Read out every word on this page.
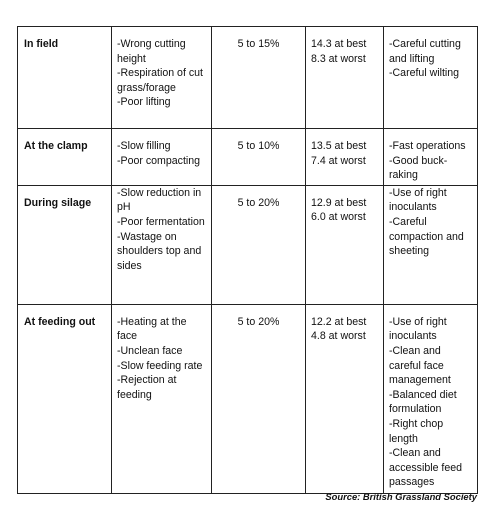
In field	-Wrong cutting height
-Respiration of cut grass/forage
-Poor lifting	5 to 15%	14.3 at best
8.3 at worst	-Careful cutting and lifting
-Careful wilting

At the clamp	-Slow filling
-Poor compacting	5 to 10%	13.5 at best
7.4 at worst	-Fast operations
-Good buck-raking

During silage	-Slow reduction in pH
-Poor fermentation
-Wastage on shoulders top and sides	5 to 20%	12.9 at best
6.0 at worst	-Use of right inoculants
-Careful compaction and sheeting

At feeding out	-Heating at the face
-Unclean face
-Slow feeding rate
-Rejection at feeding	5 to 20%	12.2 at best
4.8 at worst	-Use of right inoculants
-Clean and careful face management
-Balanced diet formulation
-Right chop length
-Clean and accessible feed passages
Source: British Grassland Society
